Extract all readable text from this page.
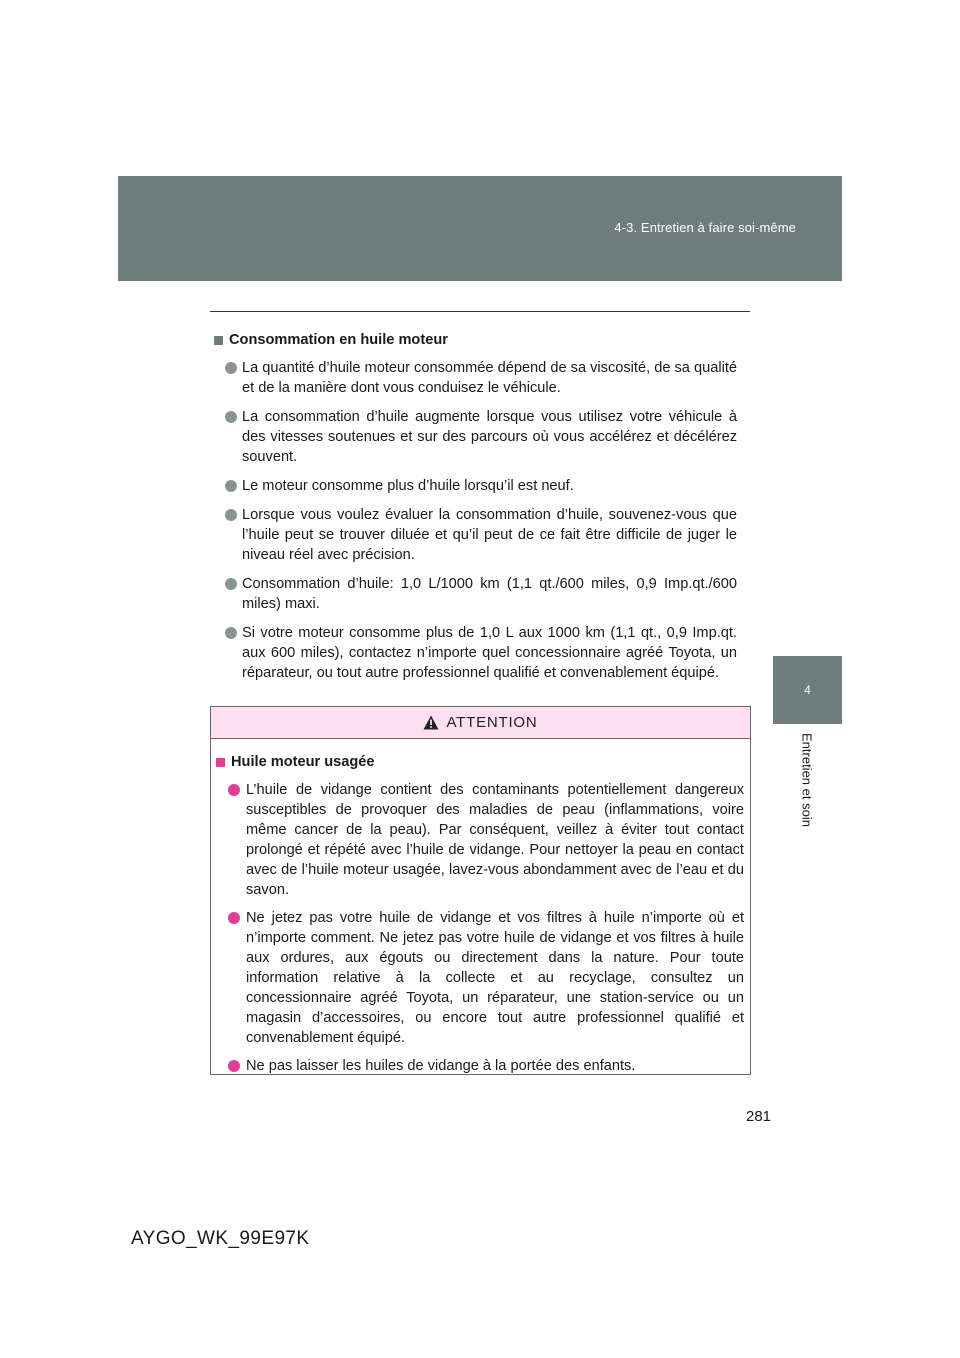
4-3. Entretien à faire soi-même
4
Entretien et soin
Consommation en huile moteur
La quantité d’huile moteur consommée dépend de sa viscosité, de sa qualité et de la manière dont vous conduisez le véhicule.
La consommation d’huile augmente lorsque vous utilisez votre véhicule à des vitesses soutenues et sur des parcours où vous accélérez et décélérez souvent.
Le moteur consomme plus d’huile lorsqu’il est neuf.
Lorsque vous voulez évaluer la consommation d’huile, souvenez-vous que l’huile peut se trouver diluée et qu’il peut de ce fait être difficile de juger le niveau réel avec précision.
Consommation d’huile: 1,0 L/1000 km (1,1 qt./600 miles, 0,9 Imp.qt./600 miles) maxi.
Si votre moteur consomme plus de 1,0 L aux 1000 km (1,1 qt., 0,9 Imp.qt. aux 600 miles), contactez n’importe quel concessionnaire agréé Toyota, un réparateur, ou tout autre professionnel qualifié et convenablement équipé.
ATTENTION
Huile moteur usagée
L’huile de vidange contient des contaminants potentiellement dangereux susceptibles de provoquer des maladies de peau (inflammations, voire même cancer de la peau). Par conséquent, veillez à éviter tout contact prolongé et répété avec l’huile de vidange. Pour nettoyer la peau en contact avec de l’huile moteur usagée, lavez-vous abondamment avec de l’eau et du savon.
Ne jetez pas votre huile de vidange et vos filtres à huile n’importe où et n’importe comment. Ne jetez pas votre huile de vidange et vos filtres à huile aux ordures, aux égouts ou directement dans la nature. Pour toute information relative à la collecte et au recyclage, consultez un concessionnaire agréé Toyota, un réparateur, une station-service ou un magasin d’accessoires, ou encore tout autre professionnel qualifié et convenablement équipé.
Ne pas laisser les huiles de vidange à la portée des enfants.
281
AYGO_WK_99E97K
